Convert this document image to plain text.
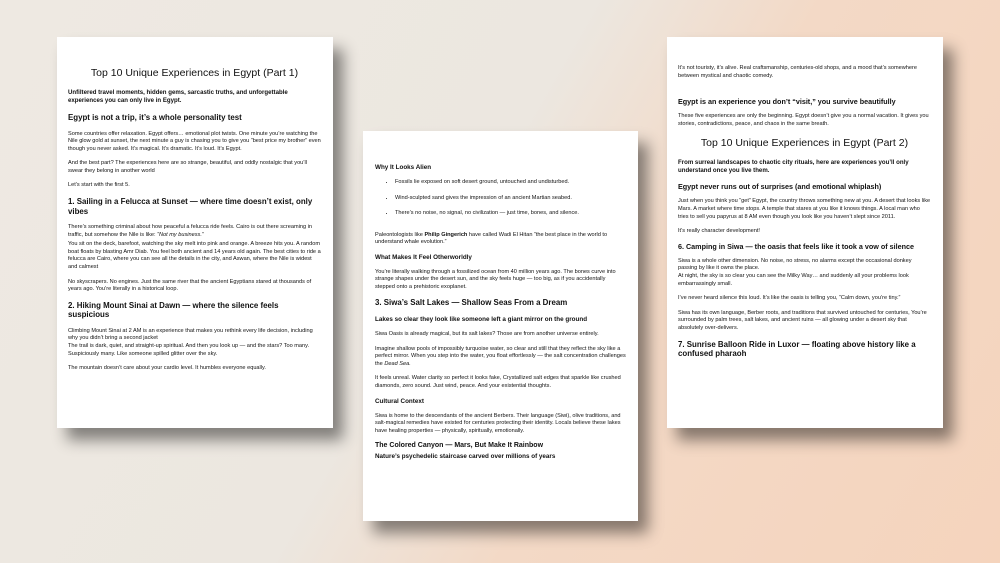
Top 10 Unique Experiences in Egypt (Part 1)
Unfiltered travel moments, hidden gems, sarcastic truths, and unforgettable experiences you can only live in Egypt.
Egypt is not a trip, it’s a whole personality test
Some countries offer relaxation. Egypt offers… emotional plot twists. One minute you’re watching the Nile glow gold at sunset, the next minute a guy is chasing you to give you “best price my brother” even though you never asked. It’s magical. It’s dramatic. It’s loud. It’s Egypt.
And the best part? The experiences here are so strange, beautiful, and oddly nostalgic that you’ll swear they belong in another world
Let’s start with the first 5.
1. Sailing in a Felucca at Sunset — where time doesn’t exist, only vibes
There’s something criminal about how peaceful a felucca ride feels. Cairo is out there screaming in traffic, but somehow the Nile is like: “Not my business.”
You sit on the deck, barefoot, watching the sky melt into pink and orange. A breeze hits you. A random boat floats by blasting Amr Diab. You feel both ancient and 14 years old again. The best cities to ride a felucca are Cairo, where you can see all the details in the city, and Aswan, where the Nile is widest and calmest
No skyscrapers. No engines. Just the same river that the ancient Egyptians stared at thousands of years ago. You’re literally in a historical loop.
2. Hiking Mount Sinai at Dawn — where the silence feels suspicious
Climbing Mount Sinai at 2 AM is an experience that makes you rethink every life decision, including why you didn’t bring a second jacket
The trail is dark, quiet, and straight-up spiritual. And then you look up — and the stars? Too many. Suspiciously many. Like someone spilled glitter over the sky.
The mountain doesn’t care about your cardio level. It humbles everyone equally.
Why It Looks Alien
• Fossils lie exposed on soft desert ground, untouched and undisturbed.
• Wind-sculpted sand gives the impression of an ancient Martian seabed.
• There’s no noise, no signal, no civilization — just time, bones, and silence.
Paleontologists like Philip Gingerich have called Wadi El Hitan “the best place in the world to understand whale evolution.”
What Makes It Feel Otherworldly
You’re literally walking through a fossilized ocean from 40 million years ago. The bones curve into strange shapes under the desert sun, and the sky feels huge — too big, as if you accidentally stepped onto a prehistoric exoplanet.
3. Siwa’s Salt Lakes — Shallow Seas From a Dream
Lakes so clear they look like someone left a giant mirror on the ground
Siwa Oasis is already magical, but its salt lakes? Those are from another universe entirely.
Imagine shallow pools of impossibly turquoise water, so clear and still that they reflect the sky like a perfect mirror. When you step into the water, you float effortlessly — the salt concentration challenges the Dead Sea.
It feels unreal. Water clarity so perfect it looks fake, Crystallized salt edges that sparkle like crushed diamonds, zero sound. Just wind, peace. And your existential thoughts.
Cultural Context
Siwa is home to the descendants of the ancient Berbers. Their language (Siwi), olive traditions, and salt-magical remedies have existed for centuries protecting their identity. Locals believe these lakes have healing properties — physically, spiritually, emotionally.
The Colored Canyon — Mars, But Make It Rainbow
Nature’s psychedelic staircase carved over millions of years
It’s not touristy, it’s alive. Real craftsmanship, centuries-old shops, and a mood that’s somewhere between mystical and chaotic comedy.
Egypt is an experience you don’t “visit,” you survive beautifully
These five experiences are only the beginning. Egypt doesn’t give you a normal vacation. It gives you stories, contradictions, peace, and chaos in the same breath.
Top 10 Unique Experiences in Egypt (Part 2)
From surreal landscapes to chaotic city rituals, here are experiences you’ll only understand once you live them.
Egypt never runs out of surprises (and emotional whiplash)
Just when you think you “get” Egypt, the country throws something new at you. A desert that looks like Mars. A market where time stops. A temple that stares at you like it knows things. A local man who tries to sell you papyrus at 8 AM even though you look like you haven’t slept since 2011.
It’s really character development!
6. Camping in Siwa — the oasis that feels like it took a vow of silence
Siwa is a whole other dimension. No noise, no stress, no alarms except the occasional donkey passing by like it owns the place.
At night, the sky is so clear you can see the Milky Way… and suddenly all your problems look embarrassingly small.
I’ve never heard silence this loud. It’s like the oasis is telling you, “Calm down, you’re tiny.”
Siwa has its own language, Berber roots, and traditions that survived untouched for centuries, You’re surrounded by palm trees, salt lakes, and ancient ruins — all glowing under a desert sky that absolutely over-delivers.
7. Sunrise Balloon Ride in Luxor — floating above history like a confused pharaoh
